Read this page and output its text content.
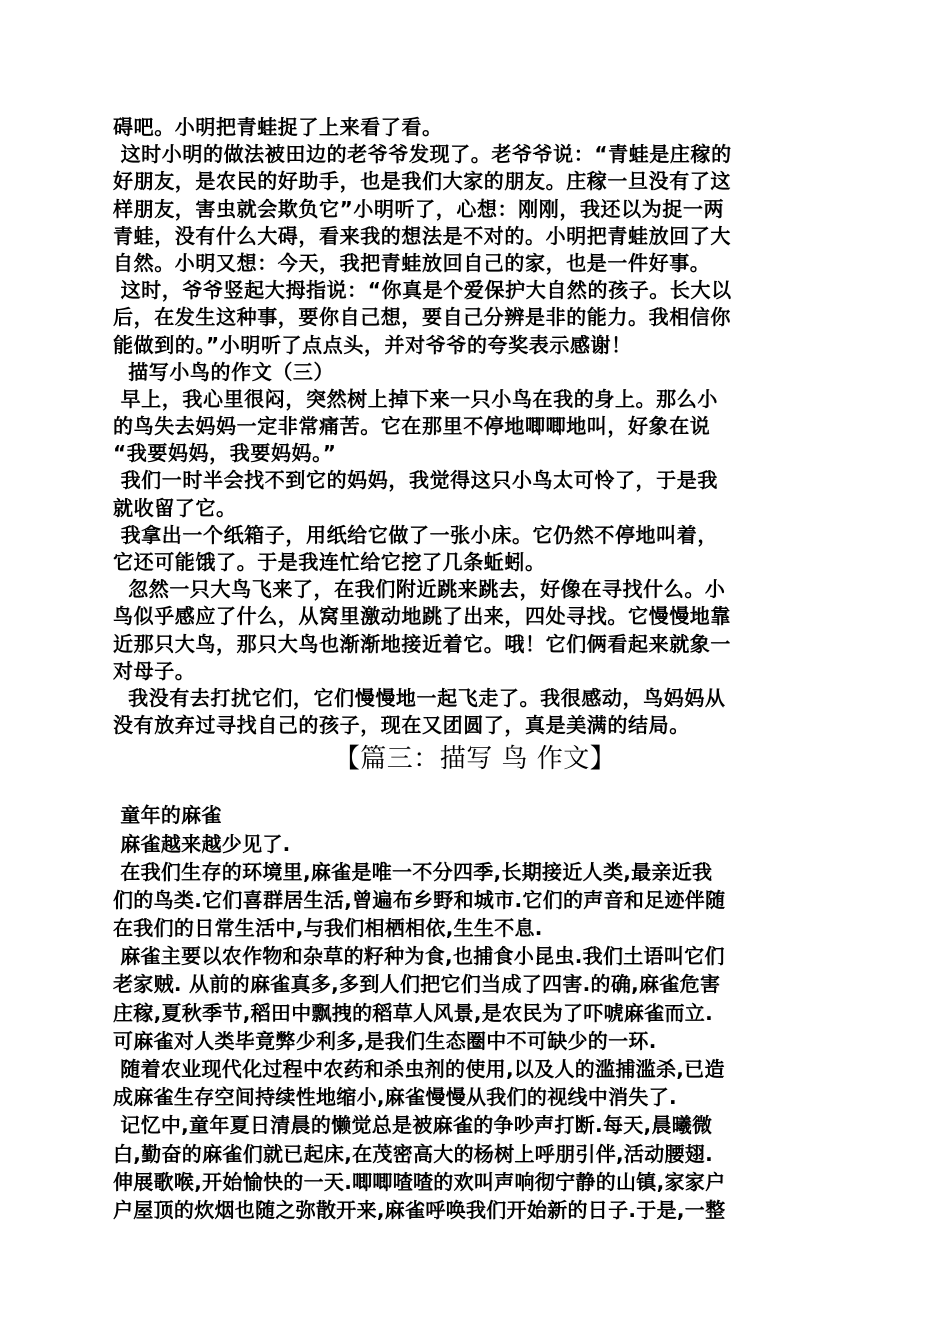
碍吧。小明把青蛙捉了上来看了看。
这时小明的做法被田边的老爷爷发现了。老爷爷说：“青蛙是庄稼的
好朋友，是农民的好助手，也是我们大家的朋友。庄稼一旦没有了这
样朋友，害虫就会欺负它”小明听了，心想：刚刚，我还以为捉一两
青蛙，没有什么大碍，看来我的想法是不对的。小明把青蛙放回了大
自然。小明又想：今天，我把青蛙放回自己的家，也是一件好事。
这时，爷爷竖起大拇指说：“你真是个爱保护大自然的孩子。长大以
后，在发生这种事，要你自己想，要自己分辨是非的能力。我相信你
能做到的。”小明听了点点头，并对爷爷的夸奖表示感谢！
描写小鸟的作文（三）
早上，我心里很闷，突然树上掉下来一只小鸟在我的身上。那么小
的鸟失去妈妈一定非常痛苦。它在那里不停地唧唧地叫，好象在说
“我要妈妈，我要妈妈。”
我们一时半会找不到它的妈妈，我觉得这只小鸟太可怜了，于是我
就收留了它。
我拿出一个纸箱子，用纸给它做了一张小床。它仍然不停地叫着，
它还可能饿了。于是我连忙给它挖了几条蚯蚓。
忽然一只大鸟飞来了，在我们附近跳来跳去，好像在寻找什么。小
鸟似乎感应了什么，从窝里激动地跳了出来，四处寻找。它慢慢地靠
近那只大鸟，那只大鸟也渐渐地接近着它。哦！它们俩看起来就象一
对母子。
我没有去打扰它们，它们慢慢地一起飞走了。我很感动，鸟妈妈从
没有放弃过寻找自己的孩子，现在又团圆了，真是美满的结局。
【篇三：描写 鸟 作文】
童年的麻雀
麻雀越来越少见了.
在我们生存的环境里,麻雀是唯一不分四季,长期接近人类,最亲近我
们的鸟类.它们喜群居生活,曾遍布乡野和城市.它们的声音和足迹伴随
在我们的日常生活中,与我们相栖相依,生生不息.
麻雀主要以农作物和杂草的籽种为食,也捕食小昆虫.我们土语叫它们
老家贼. 从前的麻雀真多,多到人们把它们当成了四害.的确,麻雀危害
庄稼,夏秋季节,稻田中飘拽的稻草人风景,是农民为了吓唬麻雀而立.
可麻雀对人类毕竟弊少利多,是我们生态圈中不可缺少的一环.
随着农业现代化过程中农药和杀虫剂的使用,以及人的滥捕滥杀,已造
成麻雀生存空间持续性地缩小,麻雀慢慢从我们的视线中消失了.
记忆中,童年夏日清晨的懒觉总是被麻雀的争吵声打断.每天,晨曦微
白,勤奋的麻雀们就已起床,在茂密高大的杨树上呼朋引伴,活动腰翅.
伸展歌喉,开始愉快的一天.唧唧喳喳的欢叫声响彻宁静的山镇,家家户
户屋顶的炊烟也随之弥散开来,麻雀呼唤我们开始新的日子.于是,一整
